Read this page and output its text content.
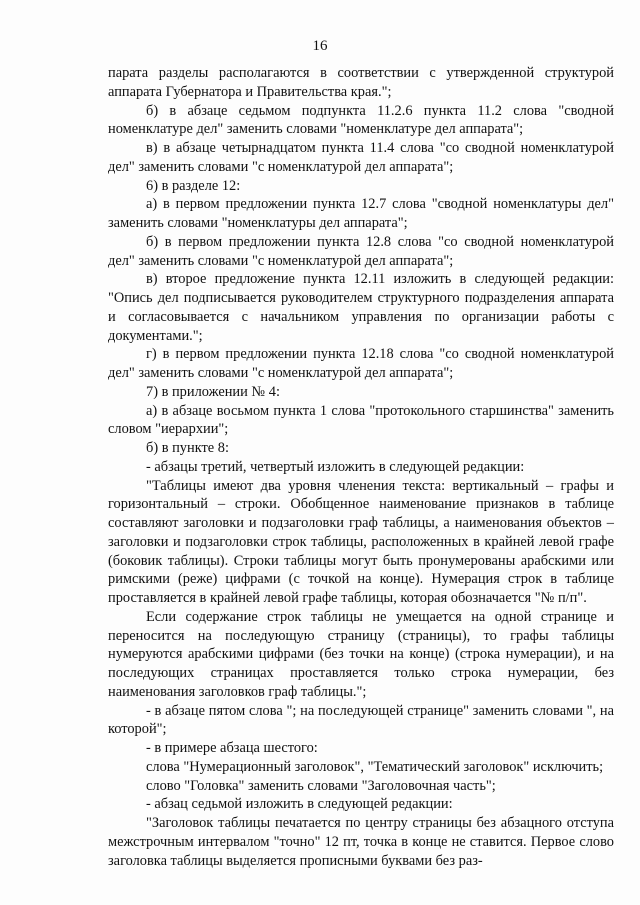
16

парата разделы располагаются в соответствии с утвержденной структурой аппарата Губернатора и Правительства края.";

б) в абзаце седьмом подпункта 11.2.6 пункта 11.2 слова "сводной номенклатуре дел" заменить словами "номенклатуре дел аппарата";

в) в абзаце четырнадцатом пункта 11.4 слова "со сводной номенклатурой дел" заменить словами "с номенклатурой дел аппарата";

6) в разделе 12:

а) в первом предложении пункта 12.7 слова "сводной номенклатуры дел" заменить словами "номенклатуры дел аппарата";

б) в первом предложении пункта 12.8 слова "со сводной номенклатурой дел" заменить словами "с номенклатурой дел аппарата";

в) второе предложение пункта 12.11 изложить в следующей редакции: "Опись дел подписывается руководителем структурного подразделения аппарата и согласовывается с начальником управления по организации работы с документами.";

г) в первом предложении пункта 12.18 слова "со сводной номенклатурой дел" заменить словами "с номенклатурой дел аппарата";

7) в приложении № 4:

а) в абзаце восьмом пункта 1 слова "протокольного старшинства" заменить словом "иерархии";

б) в пункте 8:

- абзацы третий, четвертый изложить в следующей редакции:

"Таблицы имеют два уровня членения текста: вертикальный – графы и горизонтальный – строки. Обобщенное наименование признаков в таблице составляют заголовки и подзаголовки граф таблицы, а наименования объектов – заголовки и подзаголовки строк таблицы, расположенных в крайней левой графе (боковик таблицы). Строки таблицы могут быть пронумерованы арабскими или римскими (реже) цифрами (с точкой на конце). Нумерация строк в таблице проставляется в крайней левой графе таблицы, которая обозначается "№ п/п".

Если содержание строк таблицы не умещается на одной странице и переносится на последующую страницу (страницы), то графы таблицы нумеруются арабскими цифрами (без точки на конце) (строка нумерации), и на последующих страницах проставляется только строка нумерации, без наименования заголовков граф таблицы.";

- в абзаце пятом слова "; на последующей странице" заменить словами ", на которой";

- в примере абзаца шестого:

слова "Нумерационный заголовок", "Тематический заголовок" исключить;

слово "Головка" заменить словами "Заголовочная часть";

- абзац седьмой изложить в следующей редакции:

"Заголовок таблицы печатается по центру страницы без абзацного отступа межстрочным интервалом "точно" 12 пт, точка в конце не ставится. Первое слово заголовка таблицы выделяется прописными буквами без раз-
